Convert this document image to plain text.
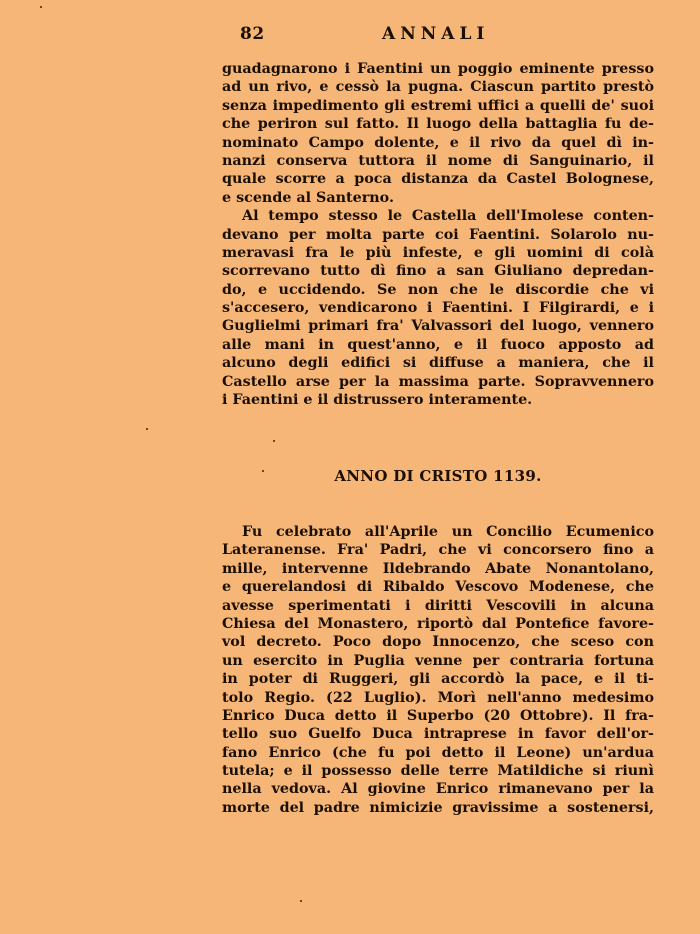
82	ANNALI
guadagnarono i Faentini un poggio eminente presso
ad un rivo, e cessò la pugna. Ciascun partito prestò
senza impedimento gli estremi uffici a quelli de' suoi
che periron sul fatto. Il luogo della battaglia fu de-
nominato Campo dolente, e il rivo da quel dì in-
nanzi conserva tuttora il nome di Sanguinario, il
quale scorre a poca distanza da Castel Bolognese,
e scende al Santerno.
Al tempo stesso le Castella dell'Imolese conten-
devano per molta parte coi Faentini. Solarolo nu-
meravasi fra le più infeste, e gli uomini di colà
scorrevano tutto dì fino a san Giuliano depredan-
do, e uccidendo. Se non che le discordie che vi
s'accesero, vendicarono i Faentini. I Filgirardi, e i
Guglielmi primari fra' Valvassori del luogo, vennero
alle mani in quest'anno, e il fuoco apposto ad
alcuno degli edifici si diffuse a maniera, che il
Castello arse per la massima parte. Sopravvennero
i Faentini e il distrussero interamente.
ANNO DI CRISTO 1139.
Fu celebrato all'Aprile un Concilio Ecumenico
Lateranense. Fra' Padri, che vi concorsero fino a
mille, intervenne Ildebrando Abate Nonantolano,
e querelandosi di Ribaldo Vescovo Modenese, che
avesse sperimentati i diritti Vescovili in alcuna
Chiesa del Monastero, riportò dal Pontefice favore-
vol decreto. Poco dopo Innocenzo, che sceso con
un esercito in Puglia venne per contraria fortuna
in poter di Ruggeri, gli accordò la pace, e il ti-
tolo Regio. (22 Luglio). Morì nell'anno medesimo
Enrico Duca detto il Superbo (20 Ottobre). Il fra-
tello suo Guelfo Duca intraprese in favor dell'or-
fano Enrico (che fu poi detto il Leone) un'ardua
tutela; e il possesso delle terre Matildiche si riunì
nella vedova. Al giovine Enrico rimanevano per la
morte del padre nimicizie gravissime a sostenersi,
